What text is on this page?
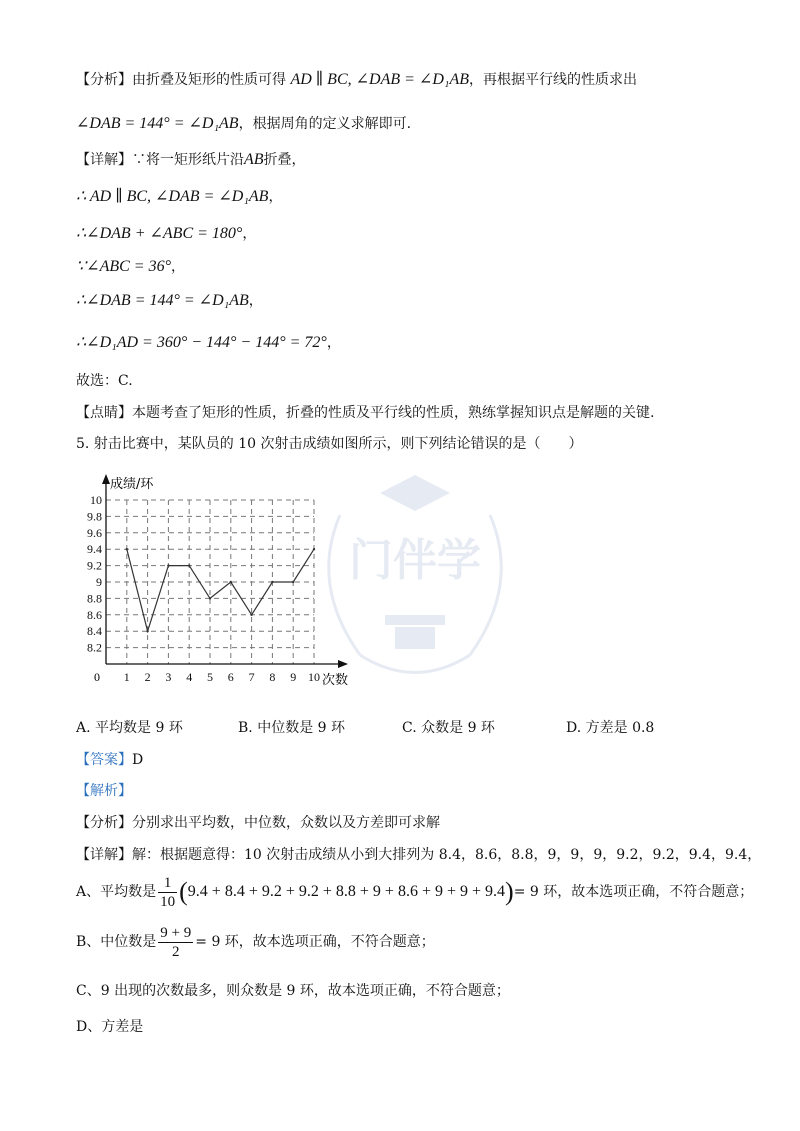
【分析】由折叠及矩形的性质可得 AD ∥ BC, ∠DAB = ∠D₁AB，再根据平行线的性质求出
∠DAB = 144° = ∠D₁AB，根据周角的定义求解即可.
【详解】∵将一矩形纸片沿AB折叠，
∴ AD ∥ BC, ∠DAB = ∠D₁AB，
∴∠DAB + ∠ABC = 180°，
∵∠ABC = 36°，
∴∠DAB = 144° = ∠D₁AB，
∴∠D₁AD = 360° − 144° − 144° = 72°，
故选：C.
【点睛】本题考查了矩形的性质，折叠的性质及平行线的性质，熟练掌握知识点是解题的关键.
5. 射击比赛中，某队员的 10 次射击成绩如图所示，则下列结论错误的是（　　）
门伴学
8.2
8.4
8.6
8.8
9
9.2
9.4
9.6
9.8
10
1 2 3 4 5 6 7 8 9 10
0
成绩/环
次数
A. 平均数是 9 环	B. 中位数是 9 环	C. 众数是 9 环	D. 方差是 0.8
【答案】D
【解析】
【分析】分别求出平均数，中位数，众数以及方差即可求解
【详解】解：根据题意得：10 次射击成绩从小到大排列为 8.4，8.6，8.8，9，9，9，9.2，9.2，9.4，9.4，
A、平均数是 $\frac{1}{10} (9.4 + 8.4 + 9.2 + 9.2 + 8.8 + 9 + 8.6 + 9 + 9 + 9.4)= 9$ 环，故本选项正确，不符合题意；
B、中位数是 $\frac{9 + 9}{2} = 9$ 环，故本选项正确，不符合题意；
C、9 出现的次数最多，则众数是 9 环，故本选项正确，不符合题意；
D、方差是
